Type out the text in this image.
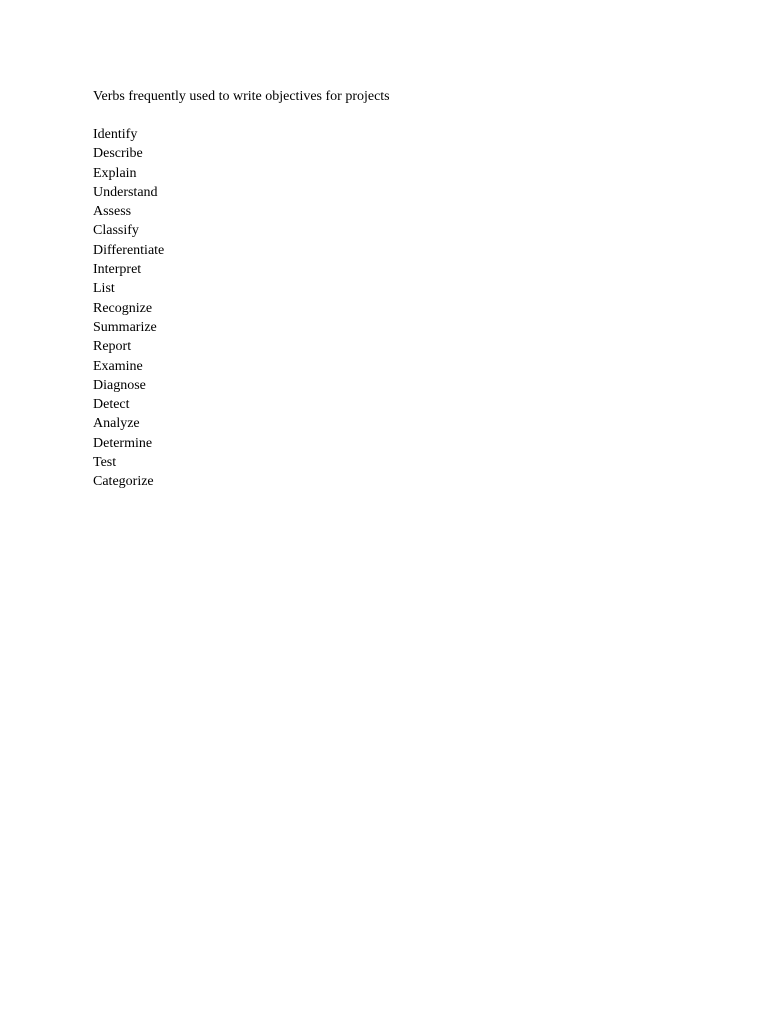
Verbs frequently used to write objectives for projects

Identify
Describe
Explain
Understand
Assess
Classify
Differentiate
Interpret
List
Recognize
Summarize
Report
Examine
Diagnose
Detect
Analyze
Determine
Test
Categorize
